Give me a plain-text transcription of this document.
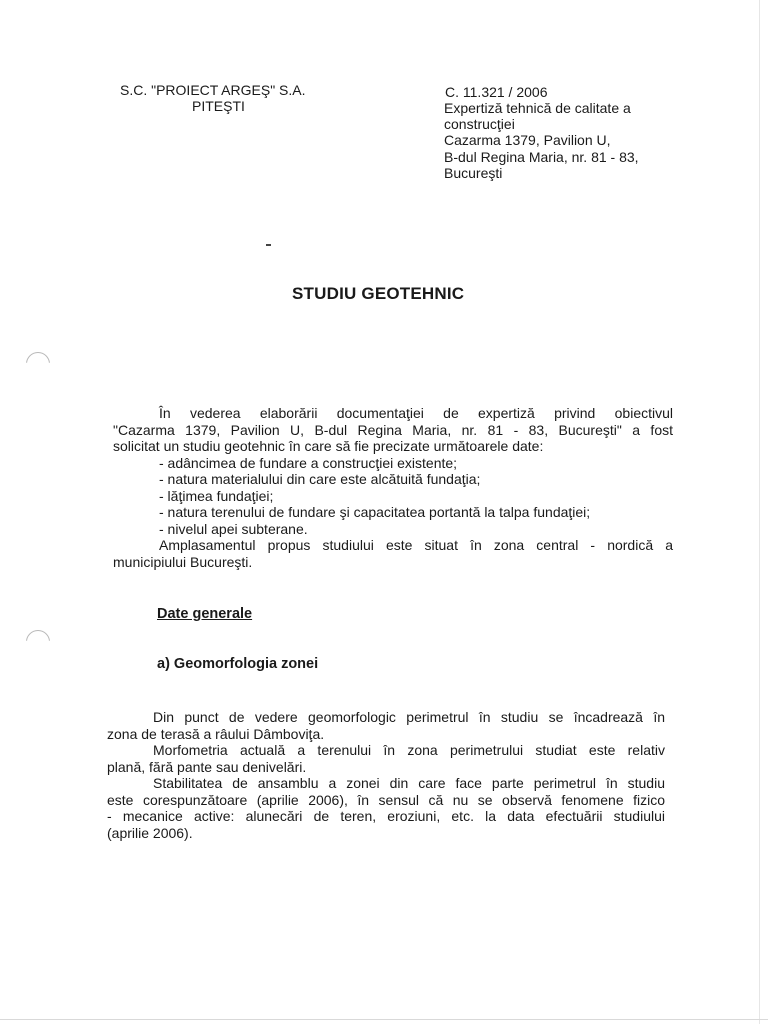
S.C. "PROIECT ARGEŞ" S.A.
PITEŞTI
C. 11.321 / 2006
Expertiză tehnică de calitate a
construcţiei
Cazarma 1379, Pavilion U,
B-dul Regina Maria, nr. 81 - 83,
Bucureşti
STUDIU GEOTEHNIC
În vederea elaborării documentaţiei de expertiză privind obiectivul
"Cazarma 1379, Pavilion U, B-dul Regina Maria, nr. 81 - 83, Bucureşti" a fost
solicitat un studiu geotehnic în care să fie precizate următoarele date:
- adâncimea de fundare a construcţiei existente;
- natura materialului din care este alcătuită fundaţia;
- lăţimea fundaţiei;
- natura terenului de fundare şi capacitatea portantă la talpa fundaţiei;
- nivelul apei subterane.
Amplasamentul propus studiului este situat în zona central - nordică a
municipiului Bucureşti.
Date generale
a) Geomorfologia zonei
Din punct de vedere geomorfologic perimetrul în studiu se încadrează în
zona de terasă a râului Dâmboviţa.
Morfometria actuală a terenului în zona perimetrului studiat este relativ
plană, fără pante sau denivelări.
Stabilitatea de ansamblu a zonei din care face parte perimetrul în studiu
este corespunzătoare (aprilie 2006), în sensul că nu se observă fenomene fizico
- mecanice active: alunecări de teren, eroziuni, etc. la data efectuării studiului
(aprilie 2006).
